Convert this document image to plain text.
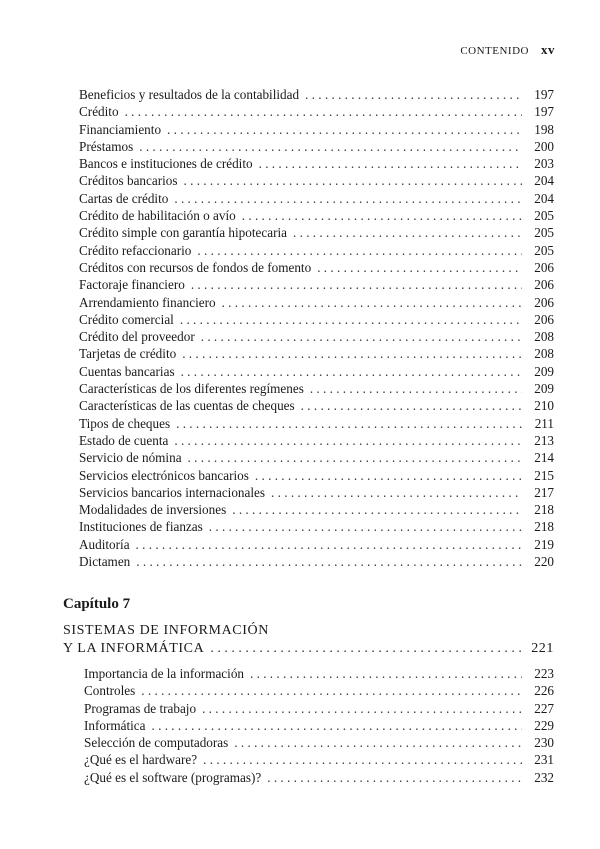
CONTENIDO xv
Beneficios y resultados de la contabilidad . . .	197
Crédito . . .	197
Financiamiento . . .	198
Préstamos . . .	200
Bancos e instituciones de crédito . . .	203
Créditos bancarios . . .	204
Cartas de crédito . . .	204
Crédito de habilitación o avío . . .	205
Crédito simple con garantía hipotecaria . . .	205
Crédito refaccionario . . .	205
Créditos con recursos de fondos de fomento . . .	206
Factoraje financiero . . .	206
Arrendamiento financiero . . .	206
Crédito comercial . . .	206
Crédito del proveedor . . .	208
Tarjetas de crédito . . .	208
Cuentas bancarias . . .	209
Características de los diferentes regímenes . . .	209
Características de las cuentas de cheques . . .	210
Tipos de cheques . . .	211
Estado de cuenta . . .	213
Servicio de nómina . . .	214
Servicios electrónicos bancarios . . .	215
Servicios bancarios internacionales . . .	217
Modalidades de inversiones . . .	218
Instituciones de fianzas . . .	218
Auditoría . . .	219
Dictamen . . .	220
Capítulo 7
SISTEMAS DE INFORMACIÓN
Y LA INFORMÁTICA . . .	221
Importancia de la información . . .	223
Controles . . .	226
Programas de trabajo . . .	227
Informática . . .	229
Selección de computadoras . . .	230
¿Qué es el hardware? . . .	231
¿Qué es el software (programas)? . . .	232
